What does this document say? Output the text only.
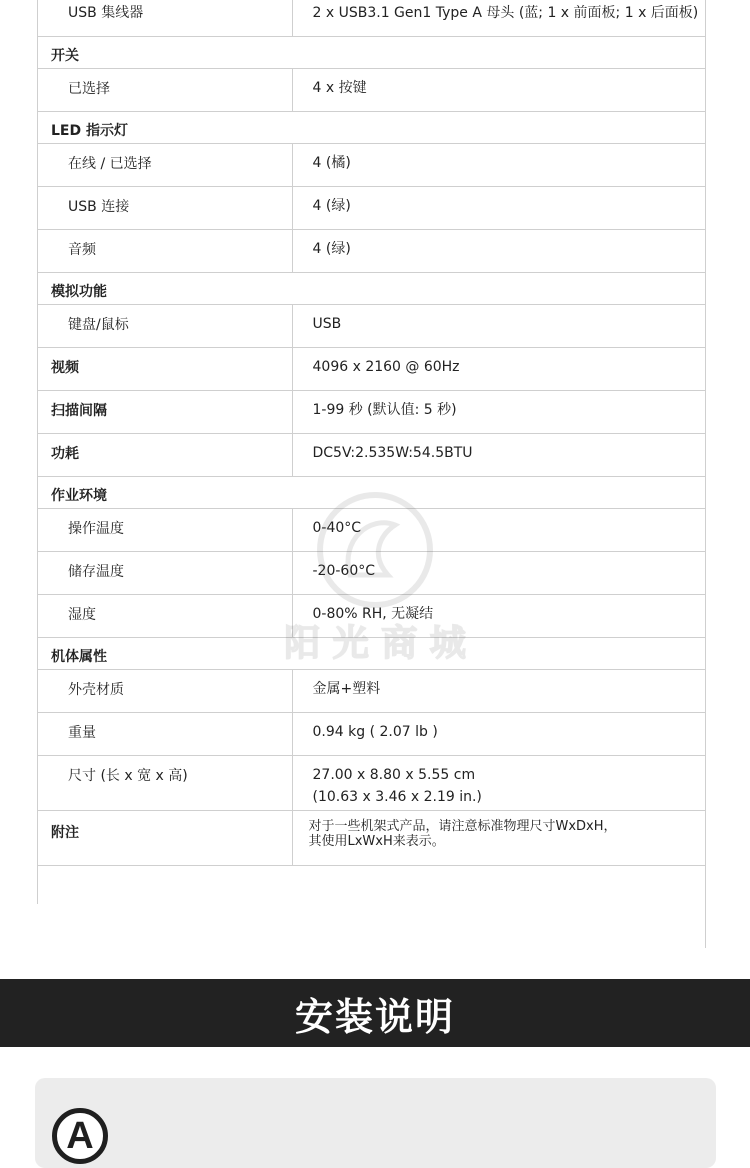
USB 集线器	2 x USB3.1 Gen1 Type A 母头 (蓝; 1 x 前面板; 1 x 后面板)

开关	
已选择	4 x 按键

LED 指示灯	
在线 / 已选择	4 (橘)

USB 连接	4 (绿)

音频	4 (绿)

模拟功能	
键盘/鼠标	USB

视频	4096 x 2160 @ 60Hz

扫描间隔	1-99 秒 (默认值: 5 秒)

功耗	DC5V:2.535W:54.5BTU

作业环境	
操作温度	0-40°C

储存温度	-20-60°C

湿度	0-80% RH, 无凝结

机体属性	
外壳材质	金属+塑料

重量	0.94 kg ( 2.07 lb )

尺寸 (长 x 宽 x 高)	27.00 x 8.80 x 5.55 cm
(10.63 x 3.46 x 2.19 in.)

附注	对于一些机架式产品，请注意标准物理尺寸WxDxH，
其使用LxWxH来表示。
阳 光 商 城
安装说明
A
